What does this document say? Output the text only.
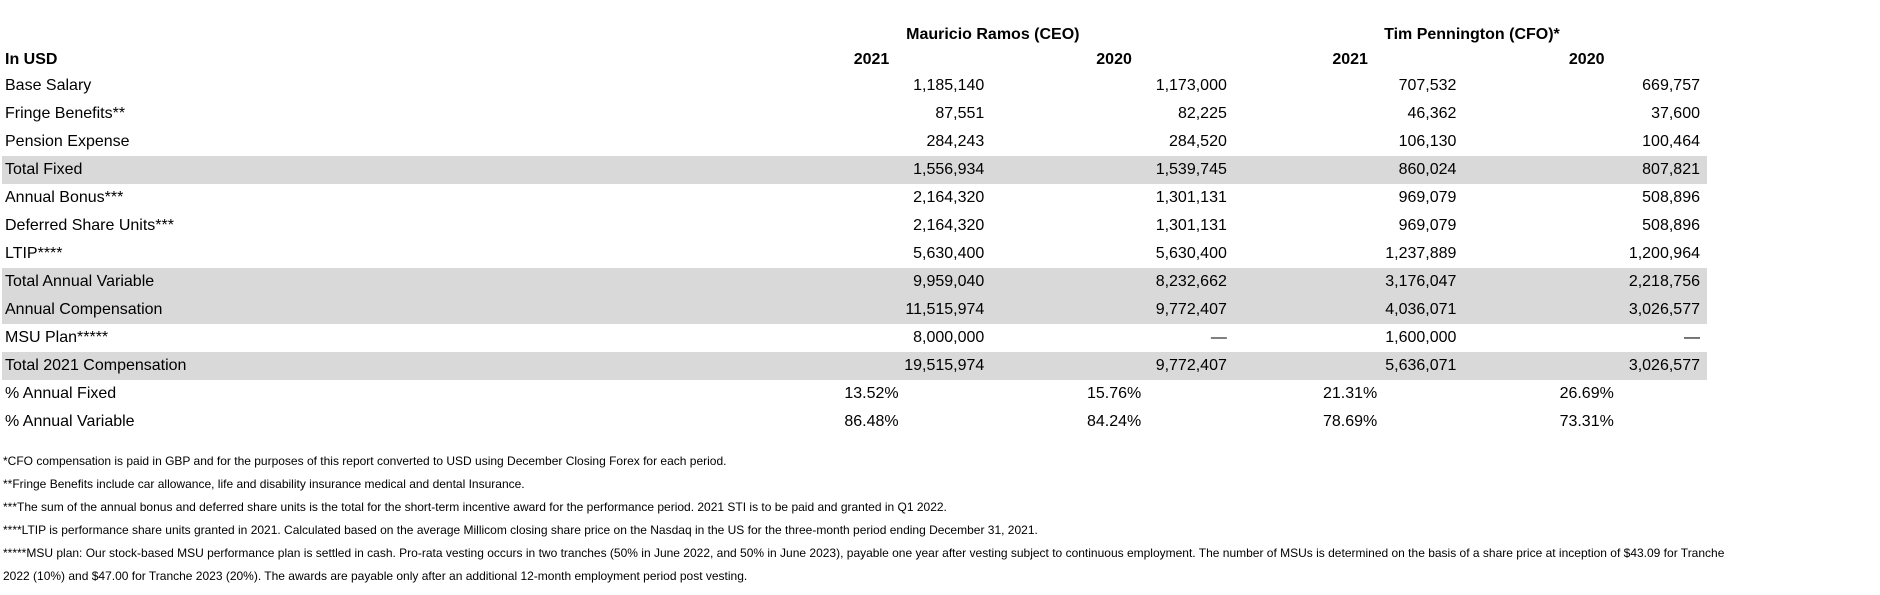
	Mauricio Ramos (CEO)		Tim Pennington (CFO)*	
In USD	2021	2020	2021	2020
Base Salary	1,185,140	1,173,000	707,532	669,757
Fringe Benefits**	87,551	82,225	46,362	37,600
Pension Expense	284,243	284,520	106,130	100,464
Total Fixed	1,556,934	1,539,745	860,024	807,821
Annual Bonus***	2,164,320	1,301,131	969,079	508,896
Deferred Share Units***	2,164,320	1,301,131	969,079	508,896
LTIP****	5,630,400	5,630,400	1,237,889	1,200,964
Total Annual Variable	9,959,040	8,232,662	3,176,047	2,218,756
Annual Compensation	11,515,974	9,772,407	4,036,071	3,026,577
MSU Plan*****	8,000,000	—	1,600,000	—
Total 2021 Compensation	19,515,974	9,772,407	5,636,071	3,026,577
% Annual Fixed	13.52%	15.76%	21.31%	26.69%
% Annual Variable	86.48%	84.24%	78.69%	73.31%

*CFO compensation is paid in GBP and for the purposes of this report converted to USD using December Closing Forex for each period.

**Fringe Benefits include car allowance, life and disability insurance medical and dental Insurance.

***The sum of the annual bonus and deferred share units is the total for the short-term incentive award for the performance period. 2021 STI is to be paid and granted in Q1 2022.

****LTIP is performance share units granted in 2021. Calculated based on the average Millicom closing share price on the Nasdaq in the US for the three-month period ending December 31, 2021.

*****MSU plan: Our stock-based MSU performance plan is settled in cash. Pro-rata vesting occurs in two tranches (50% in June 2022, and 50% in June 2023), payable one year after vesting subject to continuous employment. The number of MSUs is determined on the basis of a share price at inception of $43.09 for Tranche

2022 (10%) and $47.00 for Tranche 2023 (20%). The awards are payable only after an additional 12-month employment period post vesting.
